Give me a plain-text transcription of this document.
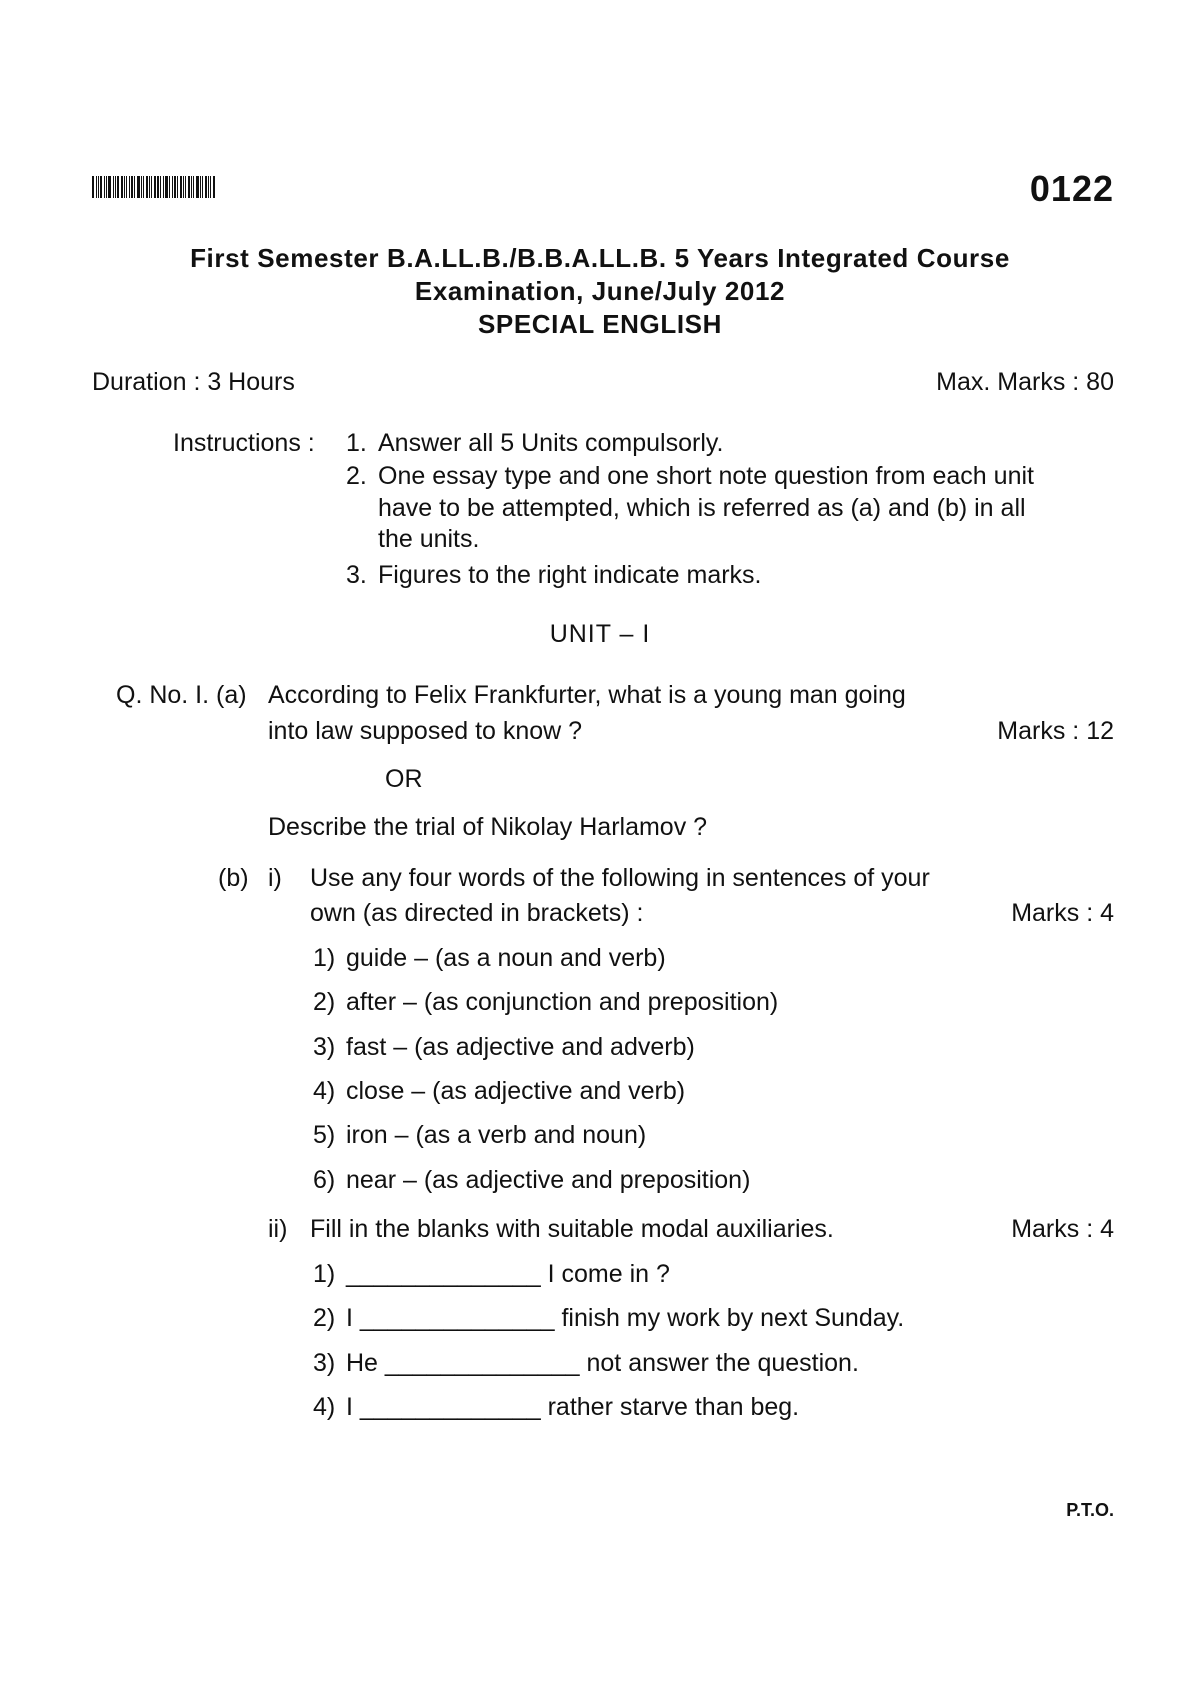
0122
First Semester B.A.LL.B./B.B.A.LL.B. 5 Years Integrated Course
Examination, June/July 2012
SPECIAL ENGLISH
Duration : 3 Hours	Max. Marks : 80
Instructions : 1. Answer all 5 Units compulsorly.
2. One essay type and one short note question from each unit
have to be attempted, which is referred as (a) and (b) in all
the units.
3. Figures to the right indicate marks.
UNIT – I
Q. No. I. (a) According to Felix Frankfurter, what is a young man going
into law supposed to know ?	Marks : 12
OR
Describe the trial of Nikolay Harlamov ?
(b) i) Use any four words of the following in sentences of your
own (as directed in brackets) :	Marks : 4
1) guide – (as a noun and verb)
2) after – (as conjunction and preposition)
3) fast – (as adjective and adverb)
4) close – (as adjective and verb)
5) iron – (as a verb and noun)
6) near – (as adjective and preposition)
ii) Fill in the blanks with suitable modal auxiliaries.	Marks : 4
1) ______________ I come in ?
2) I ______________ finish my work by next Sunday.
3) He ______________ not answer the question.
4) I _____________ rather starve than beg.
P.T.O.
